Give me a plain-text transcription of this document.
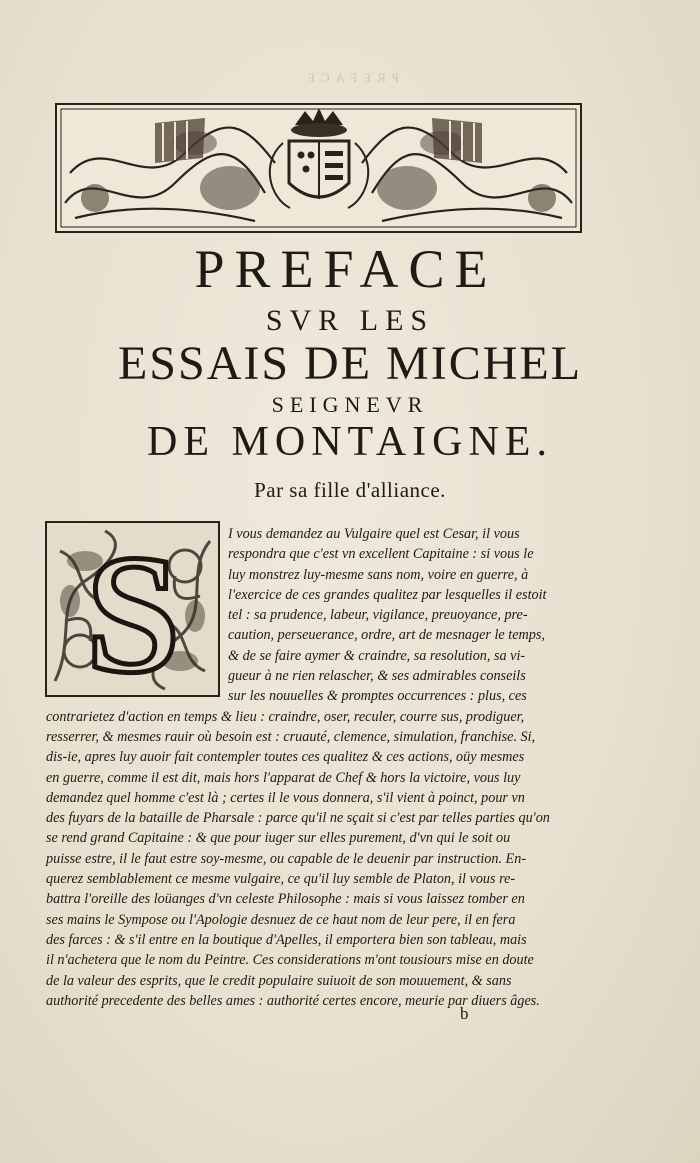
PREFACE
PREFACE
SVR LES
ESSAIS DE MICHEL
SEIGNEVR
DE MONTAIGNE.
Par sa fille d'alliance.
S	I vous demandez au Vulgaire quel est Cesar, il vous
respondra que c'est vn excellent Capitaine : si vous le
luy monstrez luy-mesme sans nom, voire en guerre, à
l'exercice de ces grandes qualitez par lesquelles il estoit
tel : sa prudence, labeur, vigilance, preuoyance, pre-
caution, perseuerance, ordre, art de mesnager le temps,
& de se faire aymer & craindre, sa resolution, sa vi-
gueur à ne rien relascher, & ses admirables conseils
sur les nouuelles & promptes occurrences : plus, ces
contrarietez d'action en temps & lieu : craindre, oser, reculer, courre sus, prodiguer,
resserrer, & mesmes rauir où besoin est : cruauté, clemence, simulation, franchise. Si,
dis-ie, apres luy auoir fait contempler toutes ces qualitez & ces actions, oüy mesmes
en guerre, comme il est dit, mais hors l'apparat de Chef & hors la victoire, vous luy
demandez quel homme c'est là ; certes il le vous donnera, s'il vient à poinct, pour vn
des fuyars de la bataille de Pharsale : parce qu'il ne sçait si c'est par telles parties qu'on
se rend grand Capitaine : & que pour iuger sur elles purement, d'vn qui le soit ou
puisse estre, il le faut estre soy-mesme, ou capable de le deuenir par instruction. En-
querez semblablement ce mesme vulgaire, ce qu'il luy semble de Platon, il vous re-
battra l'oreille des loüanges d'vn celeste Philosophe : mais si vous laissez tomber en
ses mains le Sympose ou l'Apologie desnuez de ce haut nom de leur pere, il en fera
des farces : & s'il entre en la boutique d'Apelles, il emportera bien son tableau, mais
il n'achetera que le nom du Peintre. Ces considerations m'ont tousiours mise en doute
de la valeur des esprits, que le credit populaire suiuoit de son mouuement, & sans
authorité precedente des belles ames : authorité certes encore, meurie par diuers âges.
b
